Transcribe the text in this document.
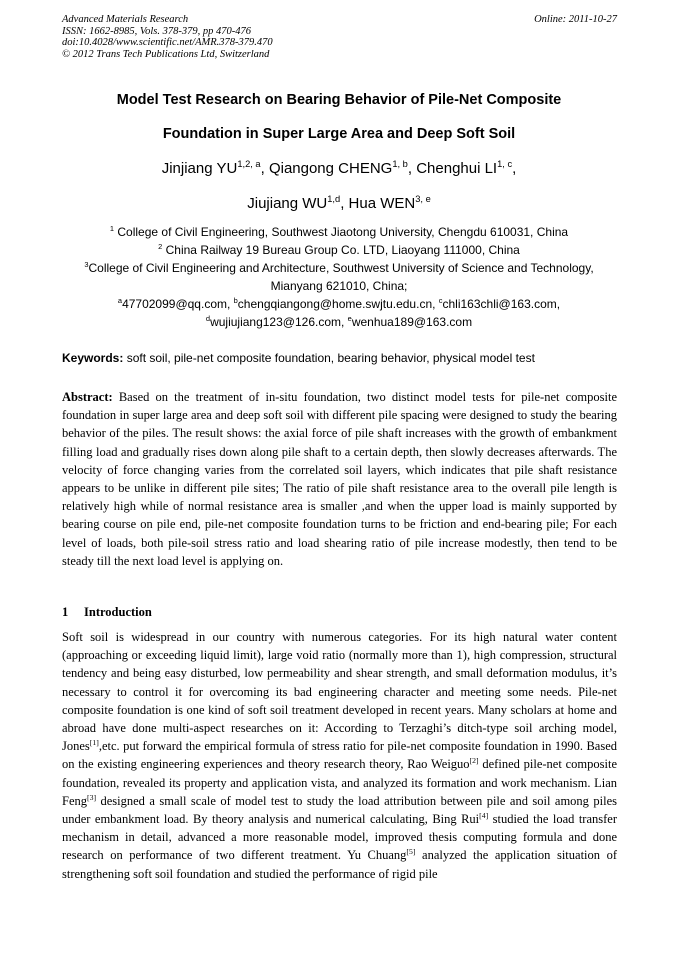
Advanced Materials Research
ISSN: 1662-8985, Vols. 378-379, pp 470-476
doi:10.4028/www.scientific.net/AMR.378-379.470
© 2012 Trans Tech Publications Ltd, Switzerland
Online: 2011-10-27
Model Test Research on Bearing Behavior of Pile-Net Composite
Foundation in Super Large Area and Deep Soft Soil
Jinjiang YU$^{1,2, a}$, Qiangong CHENG$^{1, b}$, Chenghui LI$^{1, c}$,
Jiujiang WU$^{1,d}$, Hua WEN$^{3, e}$
$^1$ College of Civil Engineering, Southwest Jiaotong University, Chengdu 610031, China
$^2$ China Railway 19 Bureau Group Co. LTD, Liaoyang 111000, China
$^3$College of Civil Engineering and Architecture, Southwest University of Science and Technology,
Mianyang 621010, China;
$^a$47702099@qq.com, $^b$chengqiangong@home.swjtu.edu.cn, $^c$chli163chli@163.com,
$^d$wujiujiang123@126.com, $^e$wenhua189@163.com
Keywords: soft soil, pile-net composite foundation, bearing behavior, physical model test
Abstract: Based on the treatment of in-situ foundation, two distinct model tests for pile-net composite foundation in super large area and deep soft soil with different pile spacing were designed to study the bearing behavior of the piles. The result shows: the axial force of pile shaft increases with the growth of embankment filling load and gradually rises down along pile shaft to a certain depth, then slowly decreases afterwards. The velocity of force changing varies from the correlated soil layers, which indicates that pile shaft resistance appears to be unlike in different pile sites; The ratio of pile shaft resistance area to the overall pile length is relatively high while of normal resistance area is smaller ,and when the upper load is mainly supported by bearing course on pile end, pile-net composite foundation turns to be friction and end-bearing pile; For each level of loads, both pile-soil stress ratio and load shearing ratio of pile increase modestly, then tend to be steady till the next load level is applying on.
1 Introduction
Soft soil is widespread in our country with numerous categories. For its high natural water content (approaching or exceeding liquid limit), large void ratio (normally more than 1), high compression, structural tendency and being easy disturbed, low permeability and shear strength, and small deformation modulus, it’s necessary to control it for overcoming its bad engineering character and meeting some needs. Pile-net composite foundation is one kind of soft soil treatment developed in recent years. Many scholars at home and abroad have done multi-aspect researches on it: According to Terzaghi’s ditch-type soil arching model, Jones[1],etc. put forward the empirical formula of stress ratio for pile-net composite foundation in 1990. Based on the existing engineering experiences and theory research theory, Rao Weiguo[2] defined pile-net composite foundation, revealed its property and application vista, and analyzed its formation and work mechanism. Lian Feng[3] designed a small scale of model test to study the load attribution between pile and soil among piles under embankment load. By theory analysis and numerical calculating, Bing Rui[4] studied the load transfer mechanism in detail, advanced a more reasonable model, improved thesis computing formula and done research on performance of two different treatment. Yu Chuang[5] analyzed the application situation of strengthening soft soil foundation and studied the performance of rigid pile
